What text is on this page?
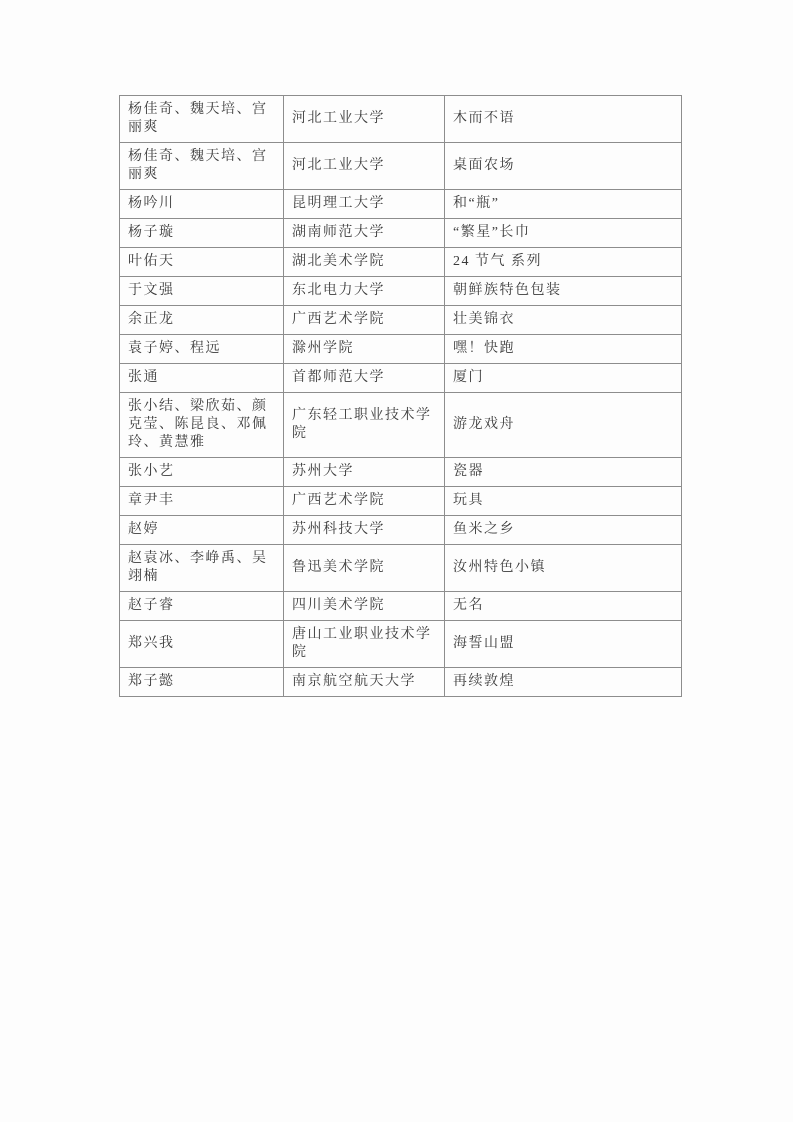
杨佳奇、魏天培、宫丽爽	河北工业大学	木而不语
杨佳奇、魏天培、宫丽爽	河北工业大学	桌面农场
杨吟川	昆明理工大学	和“瓶”
杨子璇	湖南师范大学	“繁星”长巾
叶佑天	湖北美术学院	24 节气 系列
于文强	东北电力大学	朝鲜族特色包装
余正龙	广西艺术学院	壮美锦衣
袁子婷、程远	滁州学院	嘿！快跑
张通	首都师范大学	厦门
张小结、梁欣茹、颜克莹、陈昆良、邓佩玲、黄慧雅	广东轻工职业技术学院	游龙戏舟
张小艺	苏州大学	瓷器
章尹丰	广西艺术学院	玩具
赵婷	苏州科技大学	鱼米之乡
赵袁冰、李峥禹、吴翊楠	鲁迅美术学院	汝州特色小镇
赵子睿	四川美术学院	无名
郑兴我	唐山工业职业技术学院	海誓山盟
郑子懿	南京航空航天大学	再续敦煌
